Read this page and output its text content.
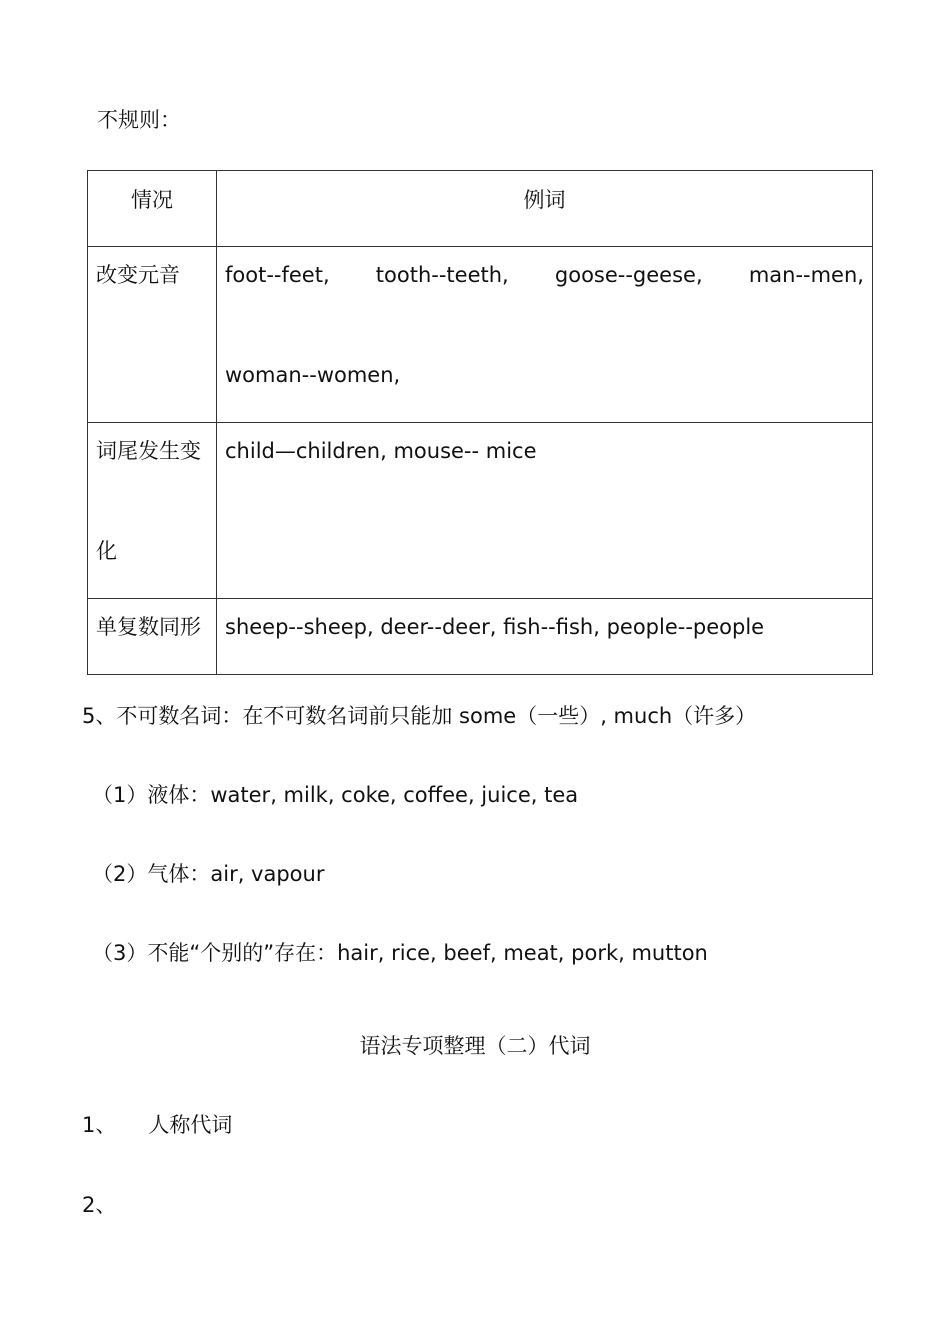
不规则：
情况	例词

改变元音	foot--feet, tooth--teeth, goose--geese, man--men,
woman--women,

词尾发生变
化	child—children, mouse-- mice

单复数同形	sheep--sheep, deer--deer, fish--fish, people--people
5、不可数名词：在不可数名词前只能加 some（一些）, much（许多）
（1）液体：water, milk, coke, coffee, juice, tea
（2）气体：air, vapour
（3）不能“个别的”存在：hair, rice, beef, meat, pork, mutton
语法专项整理（二）代词
1、 人称代词
2、
